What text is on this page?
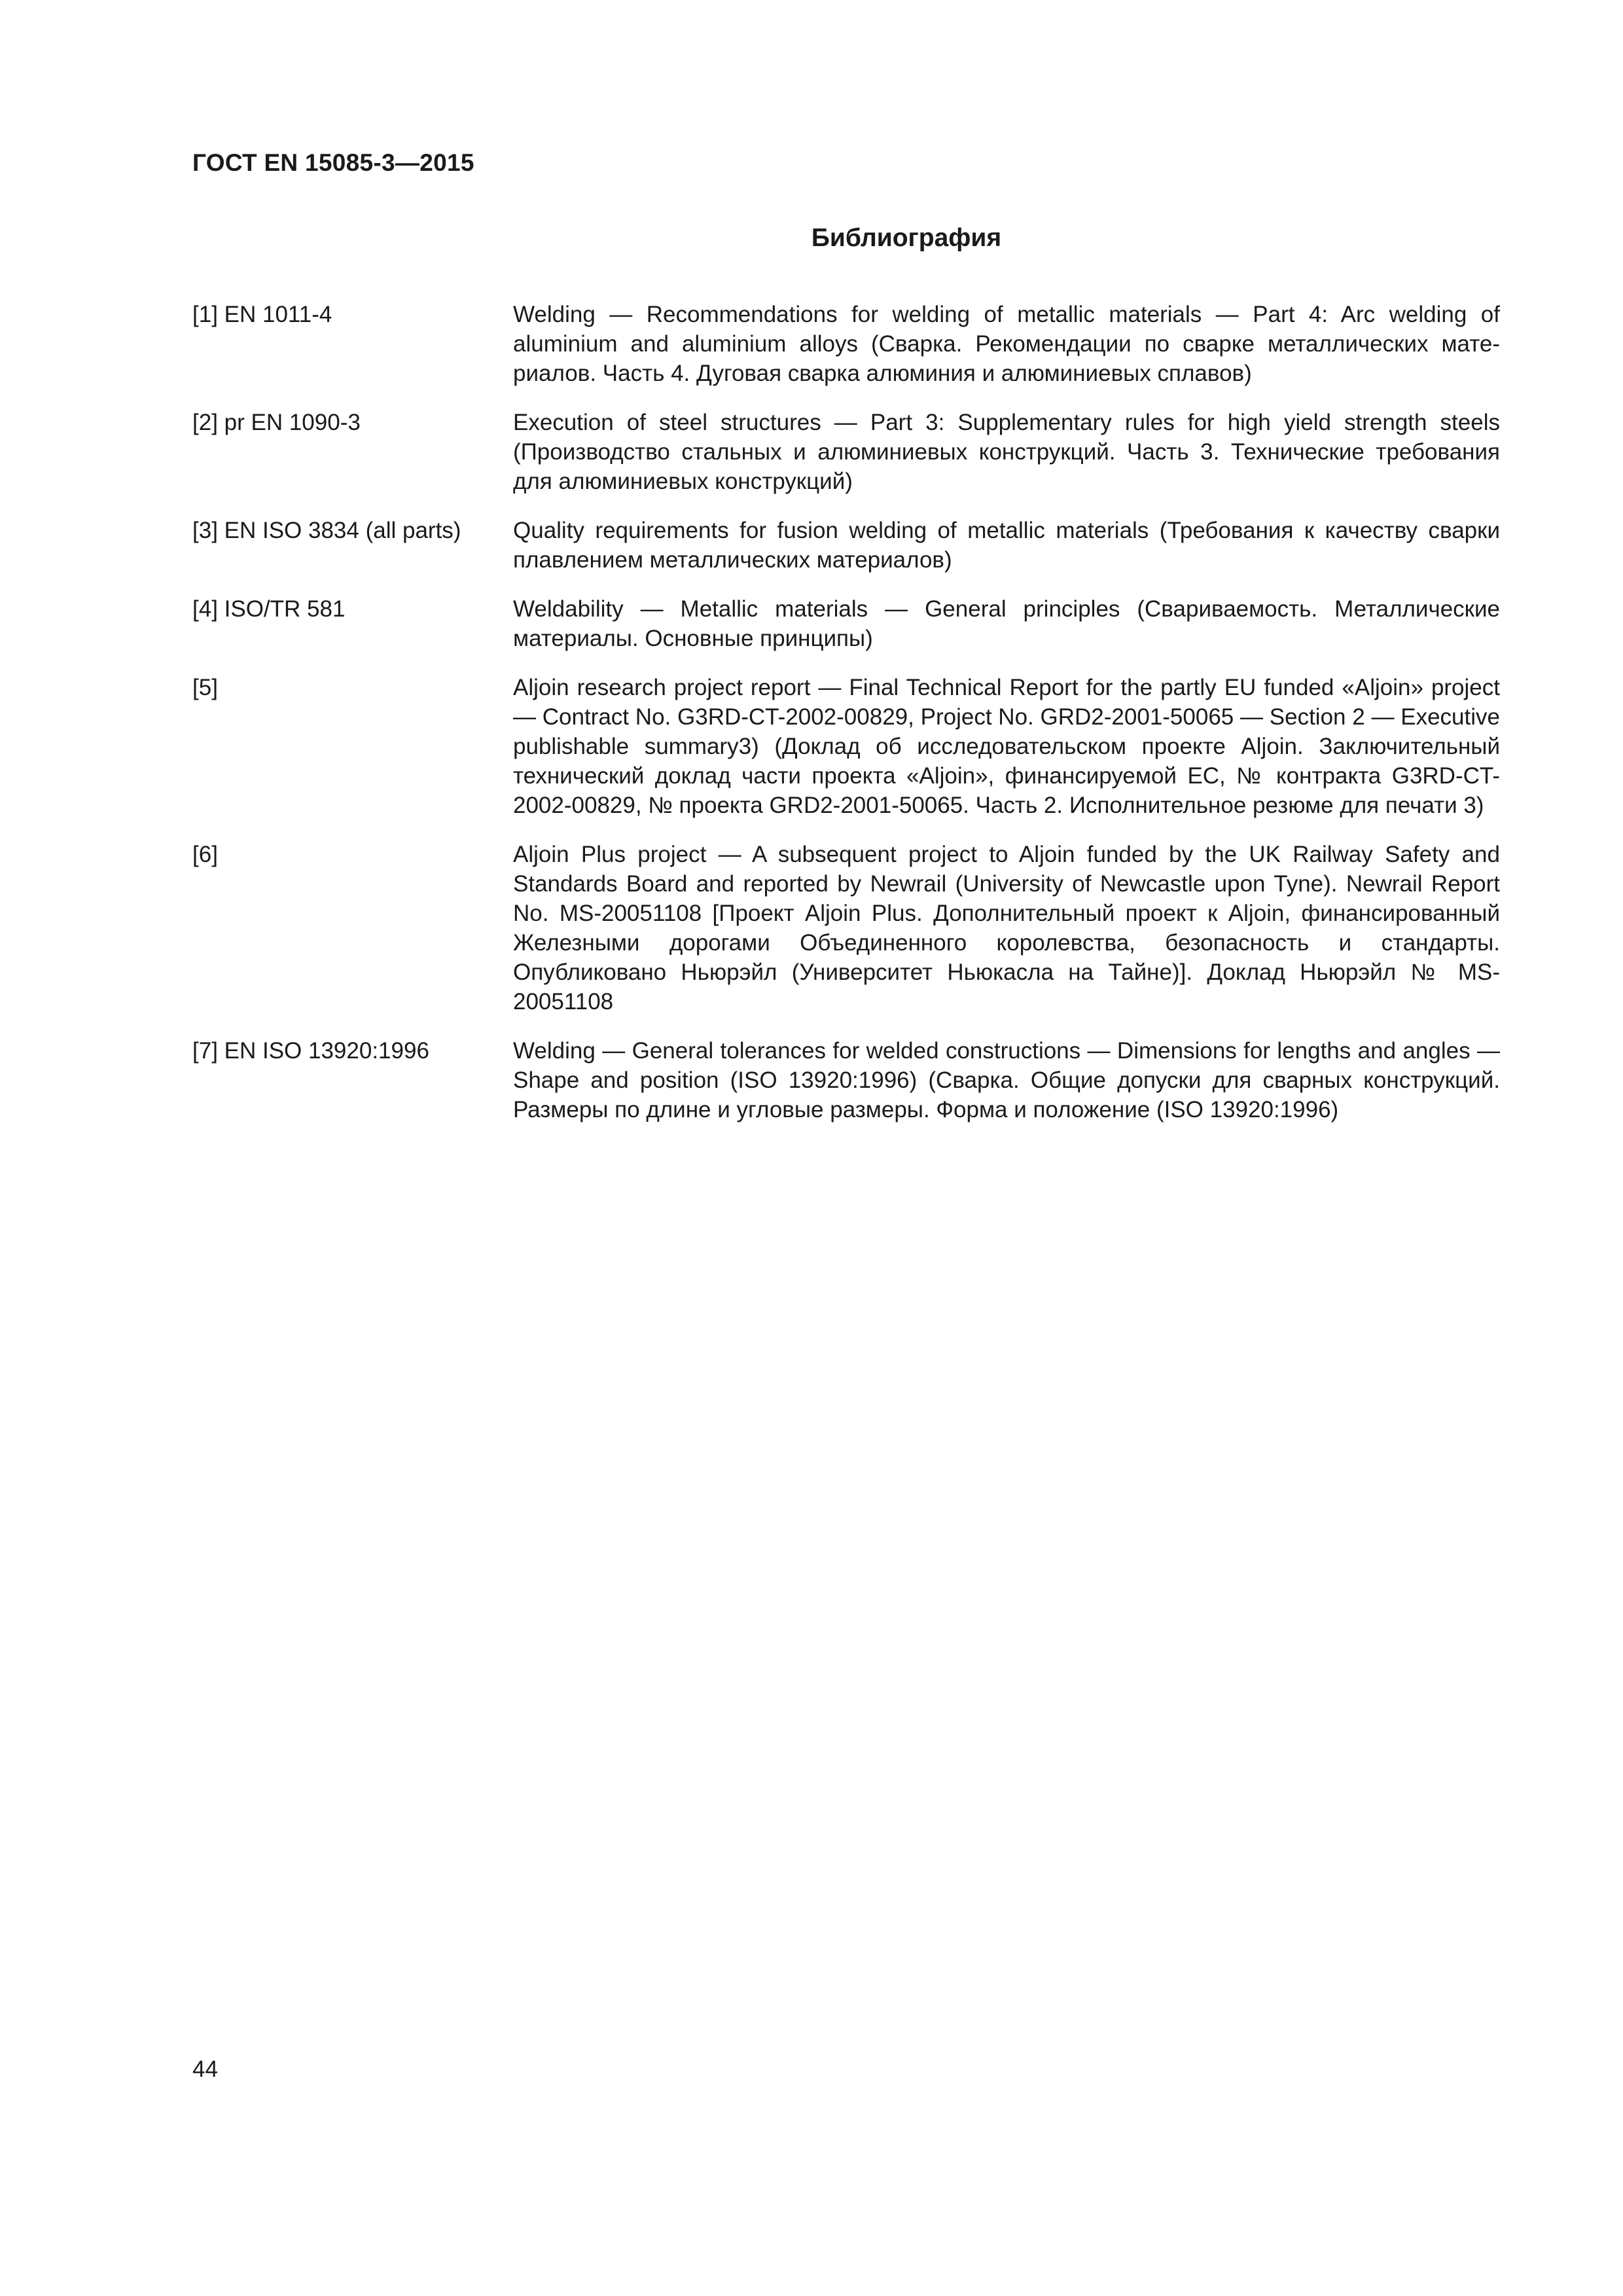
ГОСТ EN 15085-3—2015
Библиография
[1] EN 1011-4	Welding — Recommendations for welding of metallic materials — Part 4: Arc welding of aluminium and aluminium alloys (Сварка. Рекомендации по сварке металлических материалов. Часть 4. Дуговая сварка алюминия и алюминиевых сплавов)
[2] pr EN 1090-3	Execution of steel structures — Part 3: Supplementary rules for high yield strength steels (Производство стальных и алюминиевых конструкций. Часть 3. Технические требования для алюминиевых конструкций)
[3] EN ISO 3834 (all parts)	Quality requirements for fusion welding of metallic materials (Требования к качеству сварки плавлением металлических материалов)
[4] ISO/TR 581	Weldability — Metallic materials — General principles (Свариваемость. Металлические материалы. Основные принципы)
[5]	Aljoin research project report — Final Technical Report for the partly EU funded «Aljoin» project — Contract No. G3RD-CT-2002-00829, Project No. GRD2-2001-50065 — Section 2 — Executive publishable summary3) (Доклад об исследовательском проекте Aljoin. Заключительный технический доклад части проекта «Aljoin», финансируемой ЕС, № контракта G3RD-CT-2002-00829, № проекта GRD2-2001-50065. Часть 2. Исполнительное резюме для печати 3)
[6]	Aljoin Plus project — A subsequent project to Aljoin funded by the UK Railway Safety and Standards Board and reported by Newrail (University of Newcastle upon Tyne). Newrail Report No. MS-20051108 [Проект Aljoin Plus. Дополнительный проект к Aljoin, финансированный Железными дорогами Объединенного королевства, безопасность и стандарты. Опубликовано Ньюрэйл (Университет Ньюкасла на Тайне)]. Доклад Ньюрэйл № MS-20051108
[7] EN ISO 13920:1996	Welding — General tolerances for welded constructions — Dimensions for lengths and angles — Shape and position (ISO 13920:1996) (Сварка. Общие допуски для сварных конструкций. Размеры по длине и угловые размеры. Форма и положение (ISO 13920:1996)
44
